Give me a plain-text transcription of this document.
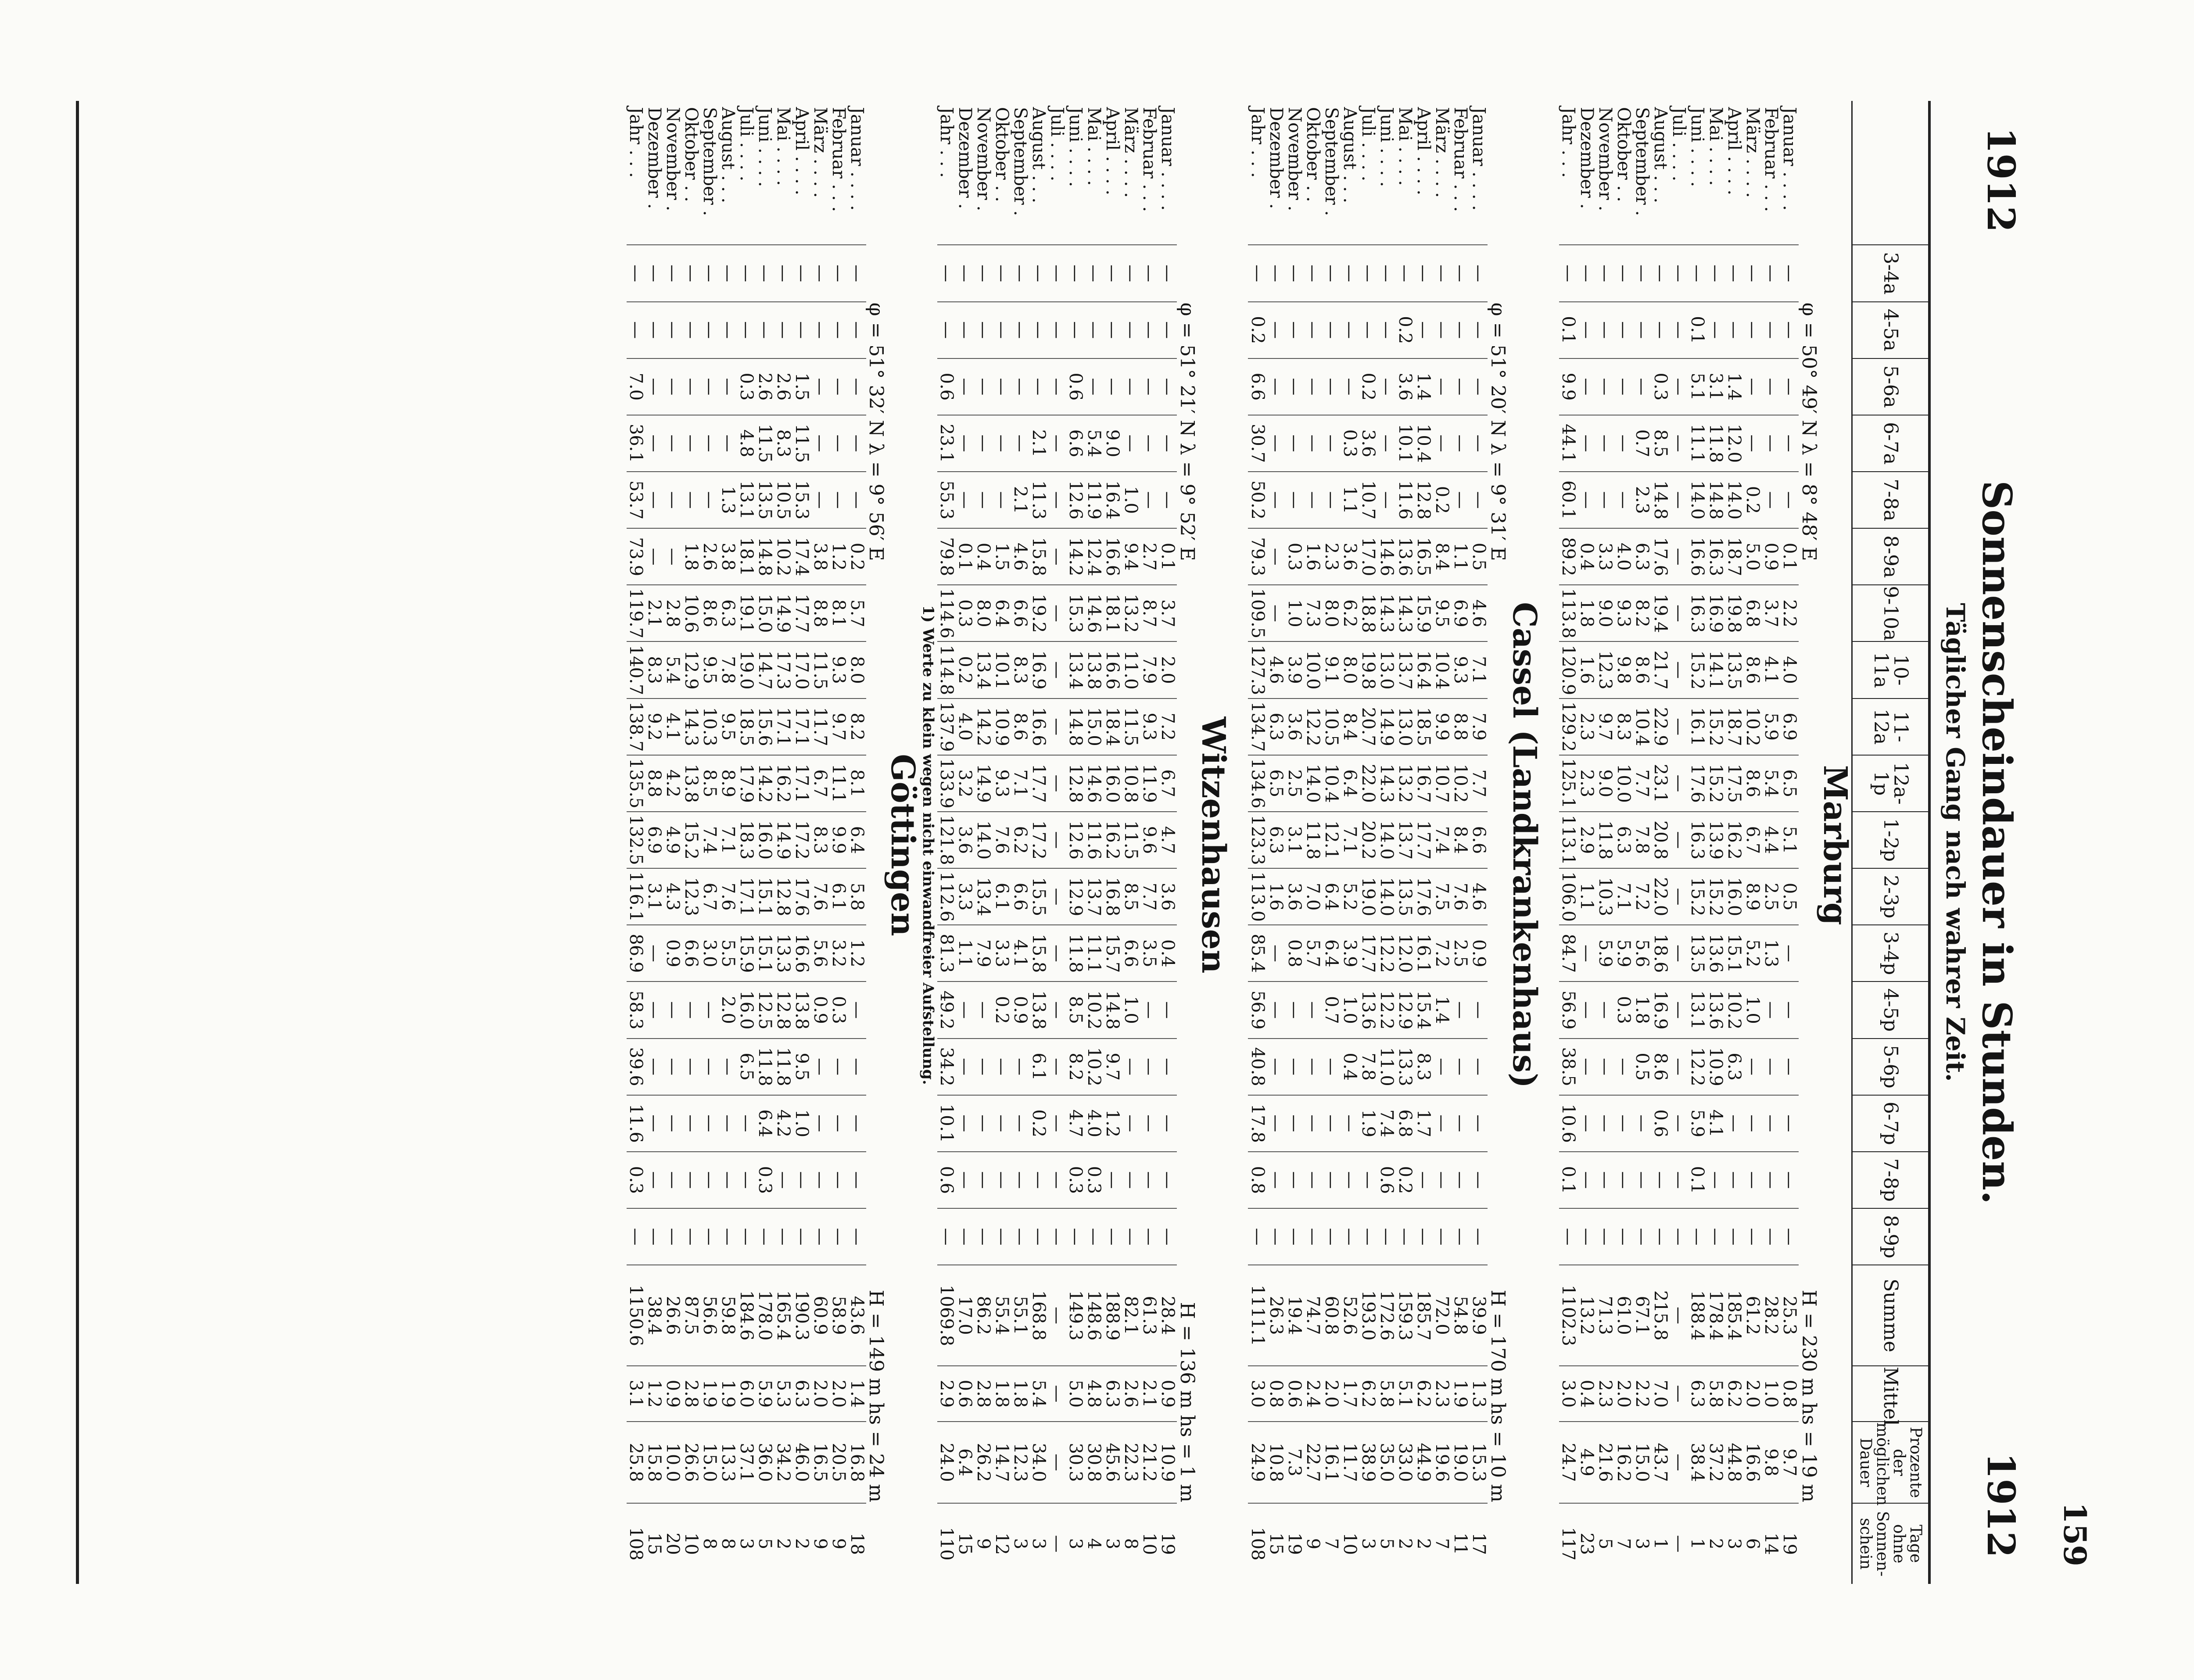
159
1912
1912
Sonnenscheindauer in Stunden.
Täglicher Gang nach wahrer Zeit.
	3-4a	4-5a	5-6a	6-7a	7-8a	8-9a	9-10a	10-11a	11-12a	12a-1p	1-2p	2-3p	3-4p	4-5p	5-6p	6-7p	7-8p	8-9p	Summe	Mittel	Prozente der möglichen Dauer	Tage ohne Sonnen-schein
Marburg																						
φ = 50° 49′ N λ = 8° 48′ EH = 230 m hs = 19 m																						
Januar . . . .	—	—	—	—	—	0.1	2.2	4.0	6.9	6.5	5.1	0.5	—	—	—	—	—	—	25.3	0.8	9.7	19
Februar . . .	—	—	—	—	—	0.9	3.7	4.1	5.9	5.4	4.4	2.5	1.3	—	—	—	—	—	28.2	1.0	9.8	14
März . . . .	—	—	—	—	0.2	5.0	6.8	8.6	10.2	8.6	6.7	8.9	5.2	1.0	—	—	—	—	61.2	2.0	16.6	6
April . . . .	—	—	1.4	12.0	14.0	18.7	19.8	13.5	18.7	17.5	16.2	16.0	15.1	10.2	6.3	—	—	—	185.4	6.2	44.8	3
Mai . . . .	—	—	3.1	11.8	14.8	16.3	16.9	14.1	15.2	15.2	13.9	15.2	13.6	13.6	10.9	4.1	—	—	178.4	5.8	37.2	2
Juni . . . .	—	0.1	5.1	11.1	14.0	16.6	16.3	15.2	16.1	17.6	16.3	15.2	13.5	13.1	12.2	5.9	0.1	—	188.4	6.3	38.4	1
Juli . . . .	—	—	—	—	—	—	—	—	—	—	—	—	—	—	—	—	—	—	—	—	—	—
August . . .	—	—	0.3	8.5	14.8	17.6	19.4	21.7	22.9	23.1	20.8	22.0	18.6	16.9	8.6	0.6	—	—	215.8	7.0	43.7	1
September .	—	—	—	0.7	2.3	6.3	8.2	8.6	10.4	7.7	7.8	7.2	5.6	1.8	0.5	—	—	—	67.1	2.2	15.0	3
Oktober . .	—	—	—	—	—	4.0	9.3	9.8	8.3	10.0	6.3	7.1	5.9	0.3	—	—	—	—	61.0	2.0	16.2	7
November .	—	—	—	—	—	3.3	9.0	12.3	9.7	9.0	11.8	10.3	5.9	—	—	—	—	—	71.3	2.3	21.6	5
Dezember .	—	—	—	—	—	0.4	1.8	1.6	2.3	2.3	2.9	1.1	—	—	—	—	—	—	13.2	0.4	4.9	23
Jahr . . .	—	0.1	9.9	44.1	60.1	89.2	113.8	120.9	129.2	125.1	113.1	106.0	84.7	56.9	38.5	10.6	0.1	—	1102.3	3.0	24.7	117

Cassel (Landkrankenhaus)																						
φ = 51° 20′ N λ = 9° 31′ EH = 170 m hs = 10 m																						
Januar . . . .	—	—	—	—	—	0.5	4.6	7.1	7.9	7.7	6.6	4.6	0.9	—	—	—	—	—	39.9	1.3	15.3	17
Februar . . .	—	—	—	—	—	1.1	6.9	9.3	8.8	10.2	8.4	7.6	2.5	—	—	—	—	—	54.8	1.9	19.0	11
März . . . .	—	—	—	—	0.2	8.4	9.5	10.4	9.9	10.7	7.4	7.5	7.2	1.4	—	—	—	—	72.0	2.3	19.6	7
April . . . .	—	—	1.4	10.4	12.8	16.5	15.9	16.4	18.5	16.7	17.7	17.6	16.1	15.4	8.3	1.7	—	—	185.7	6.2	44.9	2
Mai . . . .	—	0.2	3.6	10.1	11.6	13.6	14.3	13.7	13.0	13.2	13.7	13.5	12.0	12.9	13.3	6.8	0.2	—	159.3	5.1	33.0	2
Juni . . . .	—	—	—	—	—	14.6	14.3	13.0	14.9	14.3	14.0	14.0	12.2	12.2	11.0	7.4	0.6	—	172.6	5.8	35.0	5
Juli . . . .	—	—	0.2	3.6	10.7	17.0	18.8	19.8	20.7	22.0	20.2	19.0	17.7	13.6	7.8	1.9	—	—	193.0	6.2	38.9	3
August . . .	—	—	—	0.3	1.1	3.6	6.2	8.0	8.4	6.4	7.1	5.2	3.9	1.0	0.4	—	—	—	52.6	1.7	11.7	10
September .	—	—	—	—	—	2.3	8.0	9.1	10.5	10.4	12.1	6.4	6.4	0.7	—	—	—	—	60.8	2.0	16.1	7
Oktober . .	—	—	—	—	—	1.6	7.3	10.0	12.2	14.0	11.8	7.0	5.7	—	—	—	—	—	74.7	2.4	22.7	9
November .	—	—	—	—	—	0.3	1.0	3.9	3.6	2.5	3.1	3.6	0.8	—	—	—	—	—	19.4	0.6	7.3	19
Dezember .	—	—	—	—	—	—	—	4.6	6.3	6.5	6.3	1.6	—	—	—	—	—	—	26.3	0.8	10.8	15
Jahr . . .	—	0.2	6.6	30.7	50.2	79.3	109.5	127.3	134.7	134.6	123.3	113.0	85.4	56.9	40.8	17.8	0.8	—	1111.1	3.0	24.9	108

Witzenhausen																						
φ = 51° 21′ N λ = 9° 52′ EH = 136 m hs = 1 m																						
Januar . . . .	—	—	—	—	—	0.1	3.7	2.0	7.2	6.7	4.7	3.6	0.4	—	—	—	—	—	28.4	0.9	10.9	19
Februar . . .	—	—	—	—	—	2.7	8.7	7.9	9.3	11.9	9.6	7.7	3.5	—	—	—	—	—	61.3	2.1	21.2	10
März . . . .	—	—	—	—	1.0	9.4	13.2	11.0	11.5	10.8	11.5	8.5	6.6	1.0	—	—	—	—	82.1	2.6	22.3	8
April . . . .	—	—	—	9.0	16.4	16.6	18.1	16.6	18.4	16.0	16.2	16.8	15.7	14.8	9.7	1.2	—	—	188.9	6.3	45.6	3
Mai . . . .	—	—	—	5.4	11.9	12.4	14.6	13.8	15.0	14.6	11.6	13.7	11.1	10.2	10.2	4.0	0.3	—	148.6	4.8	30.8	4
Juni . . . .	—	—	0.6	6.6	12.6	14.2	15.3	13.4	14.8	12.8	12.6	12.9	11.8	8.5	8.2	4.7	0.3	—	149.3	5.0	30.3	3
Juli . . . .	—	—	—	—	—	—	—	—	—	—	—	—	—	—	—	—	—	—	—	—	—	—
August . . .	—	—	—	2.1	11.3	15.8	19.2	16.9	16.6	17.7	17.2	15.5	15.8	13.8	6.1	0.2	—	—	168.8	5.4	34.0	3
September .	—	—	—	—	2.1	4.6	6.6	8.3	8.6	7.1	6.2	6.6	4.1	0.9	—	—	—	—	55.1	1.8	12.3	3
Oktober . .	—	—	—	—	—	1.5	6.4	10.1	10.9	9.3	7.6	6.1	3.3	0.2	—	—	—	—	55.4	1.8	14.7	12
November .	—	—	—	—	—	0.4	8.0	13.4	14.2	14.9	14.0	13.4	7.9	—	—	—	—	—	86.2	2.8	26.2	9
Dezember .	—	—	—	—	—	0.1	0.3	0.2	4.0	3.2	3.6	3.3	1.1	—	—	—	—	—	17.0	0.6	6.4	15
Jahr . . .	—	—	0.6	23.1	55.3	79.8	114.6	114.8	137.9	133.9	121.8	112.6	81.3	49.2	34.2	10.1	0.6	—	1069.8	2.9	24.0	110
1) Werte zu klein wegen nicht einwandfreier Aufstellung.																						
Göttingen																						
φ = 51° 32′ N λ = 9° 56′ EH = 149 m hs = 24 m																						
Januar . . . .	—	—	—	—	—	0.2	5.7	8.0	8.2	8.1	6.4	5.8	1.2	—	—	—	—	—	43.6	1.4	16.8	18
Februar . . .	—	—	—	—	—	1.2	8.1	9.3	9.7	11.1	9.9	6.1	3.2	0.3	—	—	—	—	58.9	2.0	20.5	9
März . . . .	—	—	—	—	—	3.8	8.8	11.5	11.7	6.7	8.3	7.6	5.6	0.9	—	—	—	—	60.9	2.0	16.5	9
April . . . .	—	—	1.5	11.5	15.3	17.4	17.7	17.0	17.1	17.1	17.2	17.6	16.6	13.8	9.5	1.0	—	—	190.3	6.3	46.0	2
Mai . . . .	—	—	2.6	8.3	10.5	10.2	14.9	17.3	17.1	16.2	14.9	12.8	13.3	12.8	11.8	4.2	—	—	165.4	5.3	34.2	2
Juni . . . .	—	—	2.6	11.5	13.5	14.8	15.0	14.7	15.6	14.2	16.0	15.1	15.1	12.5	11.8	6.4	0.3	—	178.0	5.9	36.0	5
Juli . . . .	—	—	0.3	4.8	13.1	18.1	19.1	19.0	18.5	17.9	18.3	17.1	15.9	16.0	6.5	—	—	—	184.6	6.0	37.1	3
August . . .	—	—	—	—	1.3	3.8	6.3	7.8	9.5	8.9	7.1	7.6	5.5	2.0	—	—	—	—	59.8	1.9	13.3	8
September .	—	—	—	—	—	2.6	8.6	9.5	10.3	8.5	7.4	6.7	3.0	—	—	—	—	—	56.6	1.9	15.0	8
Oktober . .	—	—	—	—	—	1.8	10.6	12.9	14.3	13.8	15.2	12.3	6.6	—	—	—	—	—	87.5	2.8	26.6	10
November .	—	—	—	—	—	—	2.8	5.4	4.1	4.2	4.9	4.3	0.9	—	—	—	—	—	26.6	0.9	10.0	20
Dezember .	—	—	—	—	—	—	2.1	8.3	9.2	8.8	6.9	3.1	—	—	—	—	—	—	38.4	1.2	15.8	15
Jahr . . .	—	—	7.0	36.1	53.7	73.9	119.7	140.7	138.7	135.5	132.5	116.1	86.9	58.3	39.6	11.6	0.3	—	1150.6	3.1	25.8	108
